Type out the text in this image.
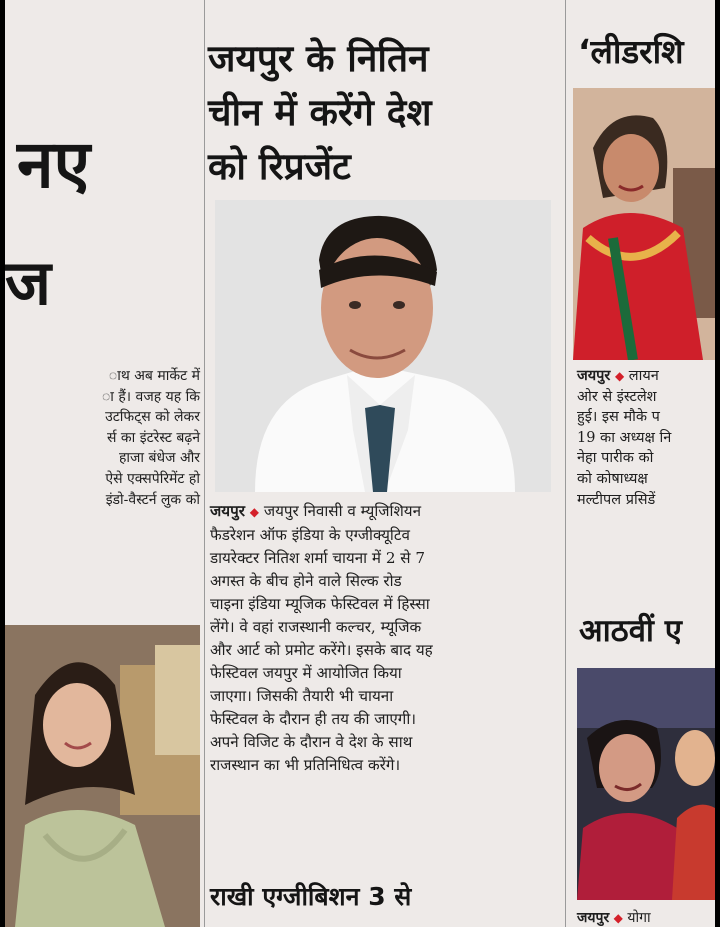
नए
ज
ाथ अब मार्केट में
ा हैं। वजह यह कि
उटफिट्स को लेकर
र्स का इंटरेस्ट बढ़ने
हाजा बंधेज और
ऐसे एक्सपेरिमेंट हो
इंडो-वैस्टर्न लुक को
जयपुर के नितिन
चीन में करेंगे देश
को रिप्रजेंट
जयपुर ◆ जयपुर निवासी व म्यूजिशियन
फैडरेशन ऑफ इंडिया के एग्जीक्यूटिव
डायरेक्टर नितिश शर्मा चायना में 2 से 7
अगस्त के बीच होने वाले सिल्क रोड
चाइना इंडिया म्यूजिक फेस्टिवल में हिस्सा
लेंगे। वे वहां राजस्थानी कल्चर, म्यूजिक
और आर्ट को प्रमोट करेंगे। इसके बाद यह
फेस्टिवल जयपुर में आयोजित किया
जाएगा। जिसकी तैयारी भी चायना
फेस्टिवल के दौरान ही तय की जाएगी।
अपने विजिट के दौरान वे देश के साथ
राजस्थान का भी प्रतिनिधित्व करेंगे।
राखी एग्जीबिशन 3 से
‘लीडरशि
जयपुर ◆ लायन
ओर से इंस्टलेश
हुई। इस मौके प
19 का अध्यक्ष नि
नेहा पारीक को
को कोषाध्यक्ष
मल्टीपल प्रसिडें
आठवीं ए
जयपुर ◆ योगा
